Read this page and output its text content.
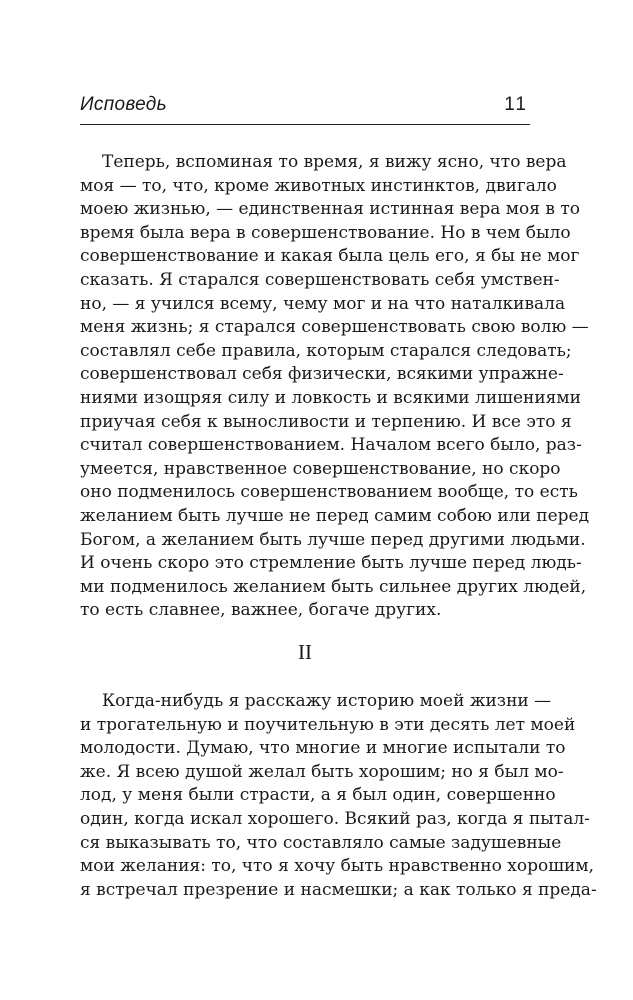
Исповедь	11
Теперь, вспоминая то время, я вижу ясно, что вера
моя — то, что, кроме животных инстинктов, двигало
моею жизнью, — единственная истинная вера моя в то
время была вера в совершенствование. Но в чем было
совершенствование и какая была цель его, я бы не мог
сказать. Я старался совершенствовать себя умствен-
но, — я учился всему, чему мог и на что наталкивала
меня жизнь; я старался совершенствовать свою волю —
составлял себе правила, которым старался следовать;
совершенствовал себя физически, всякими упражне-
ниями изощряя силу и ловкость и всякими лишениями
приучая себя к выносливости и терпению. И все это я
считал совершенствованием. Началом всего было, раз-
умеется, нравственное совершенствование, но скоро
оно подменилось совершенствованием вообще, то есть
желанием быть лучше не перед самим собою или перед
Богом, а желанием быть лучше перед другими людьми.
И очень скоро это стремление быть лучше перед людь-
ми подменилось желанием быть сильнее других людей,
то есть славнее, важнее, богаче других.
II
Когда-нибудь я расскажу историю моей жизни —
и трогательную и поучительную в эти десять лет моей
молодости. Думаю, что многие и многие испытали то
же. Я всею душой желал быть хорошим; но я был мо-
лод, у меня были страсти, а я был один, совершенно
один, когда искал хорошего. Всякий раз, когда я пытал-
ся выказывать то, что составляло самые задушевные
мои желания: то, что я хочу быть нравственно хорошим,
я встречал презрение и насмешки; а как только я преда-
